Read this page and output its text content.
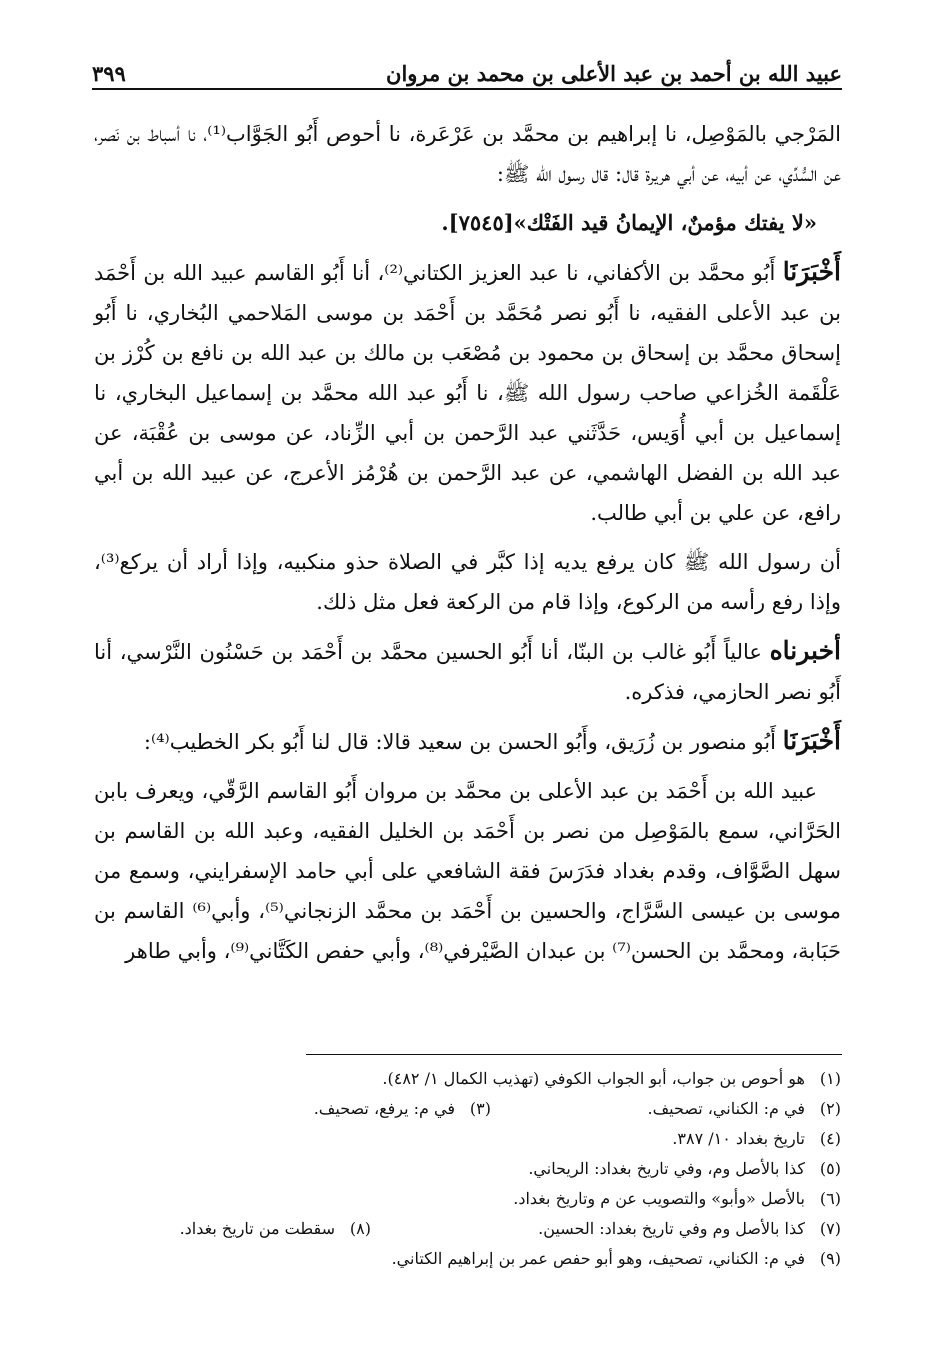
٣٩٩	عبيد الله بن أحمد بن عبد الأعلى بن محمد بن مروان

المَرْجي بالمَوْصِل، نا إبراهيم بن محمَّد بن عَرْعَرة، نا أحوص أَبُو الجَوَّاب⁽¹⁾، نا أسباط بن نَصر، عن السُّدِّي، عن أبيه، عن أبي هريرة قال: قال رسول الله ﷺ:

«لا يفتك مؤمنٌ، الإيمانُ قيد الفَتْك»[٧٥٤٥].

أَخْبَرَنَا أَبُو محمَّد بن الأكفاني، نا عبد العزيز الكتاني⁽²⁾، أنا أَبُو القاسم عبيد الله بن أَحْمَد بن عبد الأعلى الفقيه، نا أَبُو نصر مُحَمَّد بن أَحْمَد بن موسى المَلاحمي البُخاري، نا أَبُو إسحاق محمَّد بن إسحاق بن محمود بن مُصْعَب بن مالك بن عبد الله بن نافع بن كُرْز بن عَلْقَمة الخُزاعي صاحب رسول الله ﷺ، نا أَبُو عبد الله محمَّد بن إسماعيل البخاري، نا إسماعيل بن أبي أُوَيس، حَدَّثَني عبد الرَّحمن بن أبي الزِّناد، عن موسى بن عُقْبَة، عن عبد الله بن الفضل الهاشمي، عن عبد الرَّحمن بن هُرْمُز الأعرج، عن عبيد الله بن أبي رافع، عن علي بن أبي طالب.

أن رسول الله ﷺ كان يرفع يديه إذا كبَّر في الصلاة حذو منكبيه، وإذا أراد أن يركع⁽³⁾، وإذا رفع رأسه من الركوع، وإذا قام من الركعة فعل مثل ذلك.

أخبرناه عالياً أَبُو غالب بن البنّا، أنا أَبُو الحسين محمَّد بن أَحْمَد بن حَسْنُون النَّرْسي، أنا أَبُو نصر الحازمي، فذكره.

أَخْبَرَنَا أَبُو منصور بن زُرَيق، وأَبُو الحسن بن سعيد قالا: قال لنا أَبُو بكر الخطيب⁽⁴⁾:

عبيد الله بن أَحْمَد بن عبد الأعلى بن محمَّد بن مروان أَبُو القاسم الرَّقّي، ويعرف بابن الحَرَّاني، سمع بالمَوْصِل من نصر بن أَحْمَد بن الخليل الفقيه، وعبد الله بن القاسم بن سهل الصَّوَّاف، وقدم بغداد فدَرَسَ فقة الشافعي على أبي حامد الإسفرايني، وسمع من موسى بن عيسى السَّرَّاج، والحسين بن أَحْمَد بن محمَّد الزنجاني⁽⁵⁾، وأبي⁽⁶⁾ القاسم بن حَبَابة، ومحمَّد بن الحسن⁽⁷⁾ بن عبدان الصَّيْرفي⁽⁸⁾، وأبي حفص الكَتَّاني⁽⁹⁾، وأبي طاهر

(١)هو أحوص بن جواب، أبو الجواب الكوفي (تهذيب الكمال ١/ ٤٨٢).
(٢)في م: الكناني، تصحيف.
(٣)في م: يرفع، تصحيف.
(٤)تاريخ بغداد ١٠/ ٣٨٧.
(٥)كذا بالأصل وم، وفي تاريخ بغداد: الريحاني.
(٦)بالأصل «وأبو» والتصويب عن م وتاريخ بغداد.
(٧)كذا بالأصل وم وفي تاريخ بغداد: الحسين.
(٨)سقطت من تاريخ بغداد.
(٩)في م: الكناني، تصحيف، وهو أبو حفص عمر بن إبراهيم الكتاني.
